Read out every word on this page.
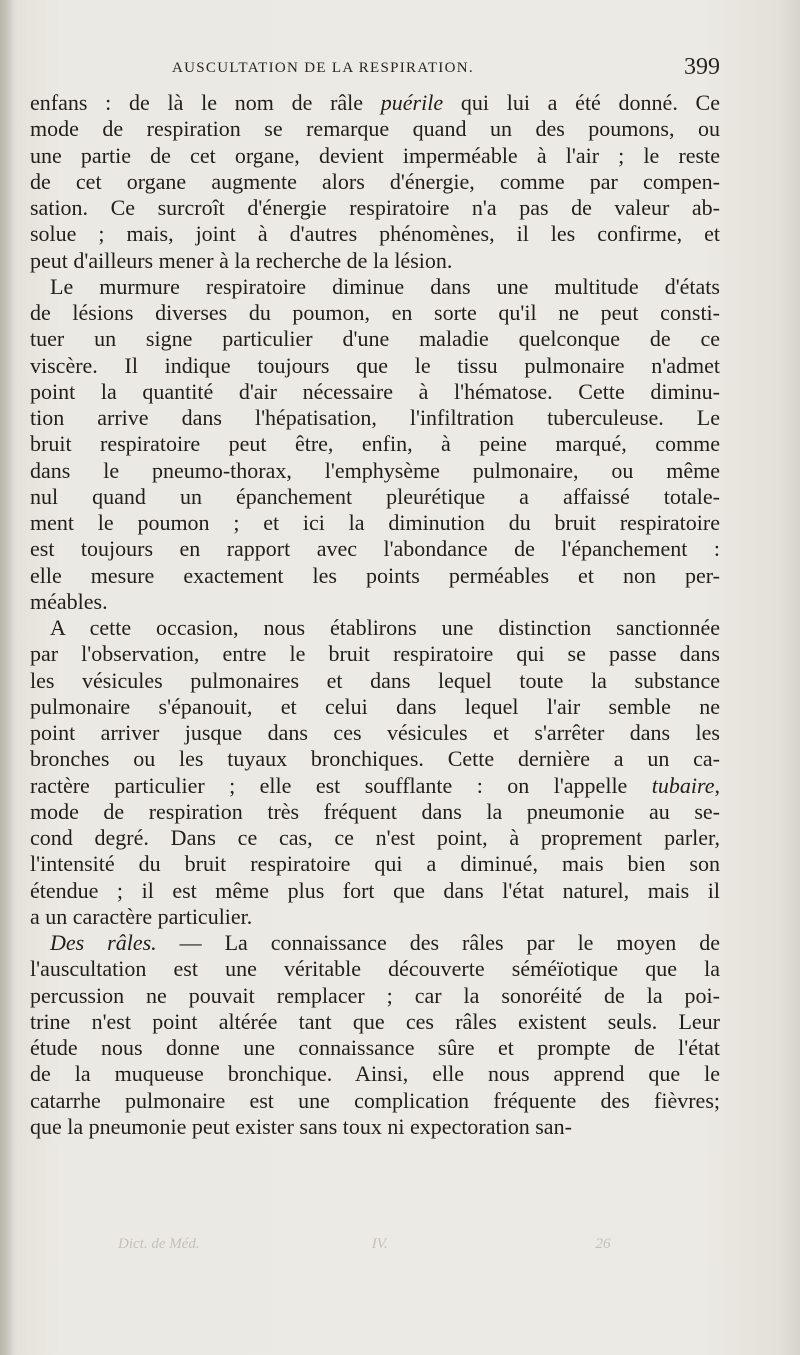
AUSCULTATION DE LA RESPIRATION.	399
enfans : de là le nom de râle puérile qui lui a été donné. Ce
mode de respiration se remarque quand un des poumons, ou
une partie de cet organe, devient imperméable à l'air ; le reste
de cet organe augmente alors d'énergie, comme par compen-
sation. Ce surcroît d'énergie respiratoire n'a pas de valeur ab-
solue ; mais, joint à d'autres phénomènes, il les confirme, et
peut d'ailleurs mener à la recherche de la lésion.
Le murmure respiratoire diminue dans une multitude d'états
de lésions diverses du poumon, en sorte qu'il ne peut consti-
tuer un signe particulier d'une maladie quelconque de ce
viscère. Il indique toujours que le tissu pulmonaire n'admet
point la quantité d'air nécessaire à l'hématose. Cette diminu-
tion arrive dans l'hépatisation, l'infiltration tuberculeuse. Le
bruit respiratoire peut être, enfin, à peine marqué, comme
dans le pneumo-thorax, l'emphysème pulmonaire, ou même
nul quand un épanchement pleurétique a affaissé totale-
ment le poumon ; et ici la diminution du bruit respiratoire
est toujours en rapport avec l'abondance de l'épanchement :
elle mesure exactement les points perméables et non per-
méables.
A cette occasion, nous établirons une distinction sanctionnée
par l'observation, entre le bruit respiratoire qui se passe dans
les vésicules pulmonaires et dans lequel toute la substance
pulmonaire s'épanouit, et celui dans lequel l'air semble ne
point arriver jusque dans ces vésicules et s'arrêter dans les
bronches ou les tuyaux bronchiques. Cette dernière a un ca-
ractère particulier ; elle est soufflante : on l'appelle tubaire,
mode de respiration très fréquent dans la pneumonie au se-
cond degré. Dans ce cas, ce n'est point, à proprement parler,
l'intensité du bruit respiratoire qui a diminué, mais bien son
étendue ; il est même plus fort que dans l'état naturel, mais il
a un caractère particulier.
Des râles. — La connaissance des râles par le moyen de
l'auscultation est une véritable découverte séméïotique que la
percussion ne pouvait remplacer ; car la sonoréité de la poi-
trine n'est point altérée tant que ces râles existent seuls. Leur
étude nous donne une connaissance sûre et prompte de l'état
de la muqueuse bronchique. Ainsi, elle nous apprend que le
catarrhe pulmonaire est une complication fréquente des fièvres;
que la pneumonie peut exister sans toux ni expectoration san-
Dict. de Méd.	IV.	26
